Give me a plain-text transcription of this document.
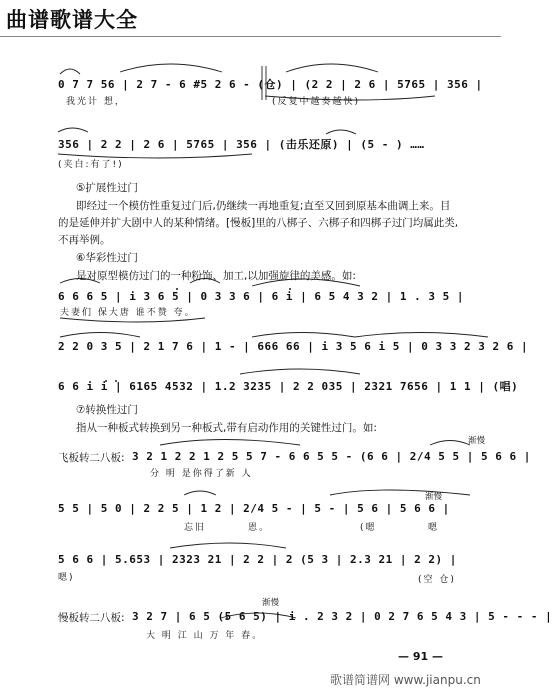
曲谱歌谱大全
0 7 7 56 | 2 7 - 6 #5 2 6 - (仓) | (2 2 | 2 6 | 5765 | 356 |
我光计 想，	(反复中越奏越快)
356 | 2 2 | 2 6 | 5765 | 356 | (击乐还原) | (5 - ) ……
(夹白:有了!)
⑤扩展性过门
即经过一个模仿性重复过门后,仍继续一再地重复;直至又回到原基本曲调上来。目
的是延伸并扩大剧中人的某种情绪。[慢板]里的八梆子、六梆子和四梆子过门均属此类,
不再举例。
⑥华彩性过门
是对原型模仿过门的一种粉饰、加工,以加强旋律的美感。如:
6 6 6 5 | i 3 6 5 | 0 3 3 6 | 6 i | 6 5 4 3 2 | 1 . 3 5 |
夫妻们 保大唐 谁不赞 夸。
2 2 0 3 5 | 2 1 7 6 | 1 - | 666 66 | i 3 5 6 i 5 | 0 3 3 2 3 2 6 |
6 6 i i | 6165 4532 | 1.2 3235 | 2 2 035 | 2321 7656 | 1 1 | (唱)
⑦转换性过门
指从一种板式转换到另一种板式,带有启动作用的关键性过门。如:
渐慢
飞板转二八板: 3 2 1 2 2 1 2 5 5 7 - 6 6 5 5 - (6 6 | 2/4 5 5 | 5 6 6 |
分 明 是你得了新 人
渐慢
5 5 | 5 0 | 2 2 5 | 1 2 | 2/4 5 - | 5 - | 5 6 | 5 6 6 |
忘旧	恩。	(嗯	嗯
5 6 6 | 5.653 | 2323 21 | 2 2 | 2 (5 3 | 2.3 21 | 2 2) |
嗯)	(空 仓)
渐慢
慢板转二八板: 3 2 7 | 6 5 (5 6 5) | i . 2 3 2 | 0 2 7 6 5 4 3 | 5 - - - |
大 明 江 山 万 年 春。
— 91 —
歌谱简谱网 www.jianpu.cn
